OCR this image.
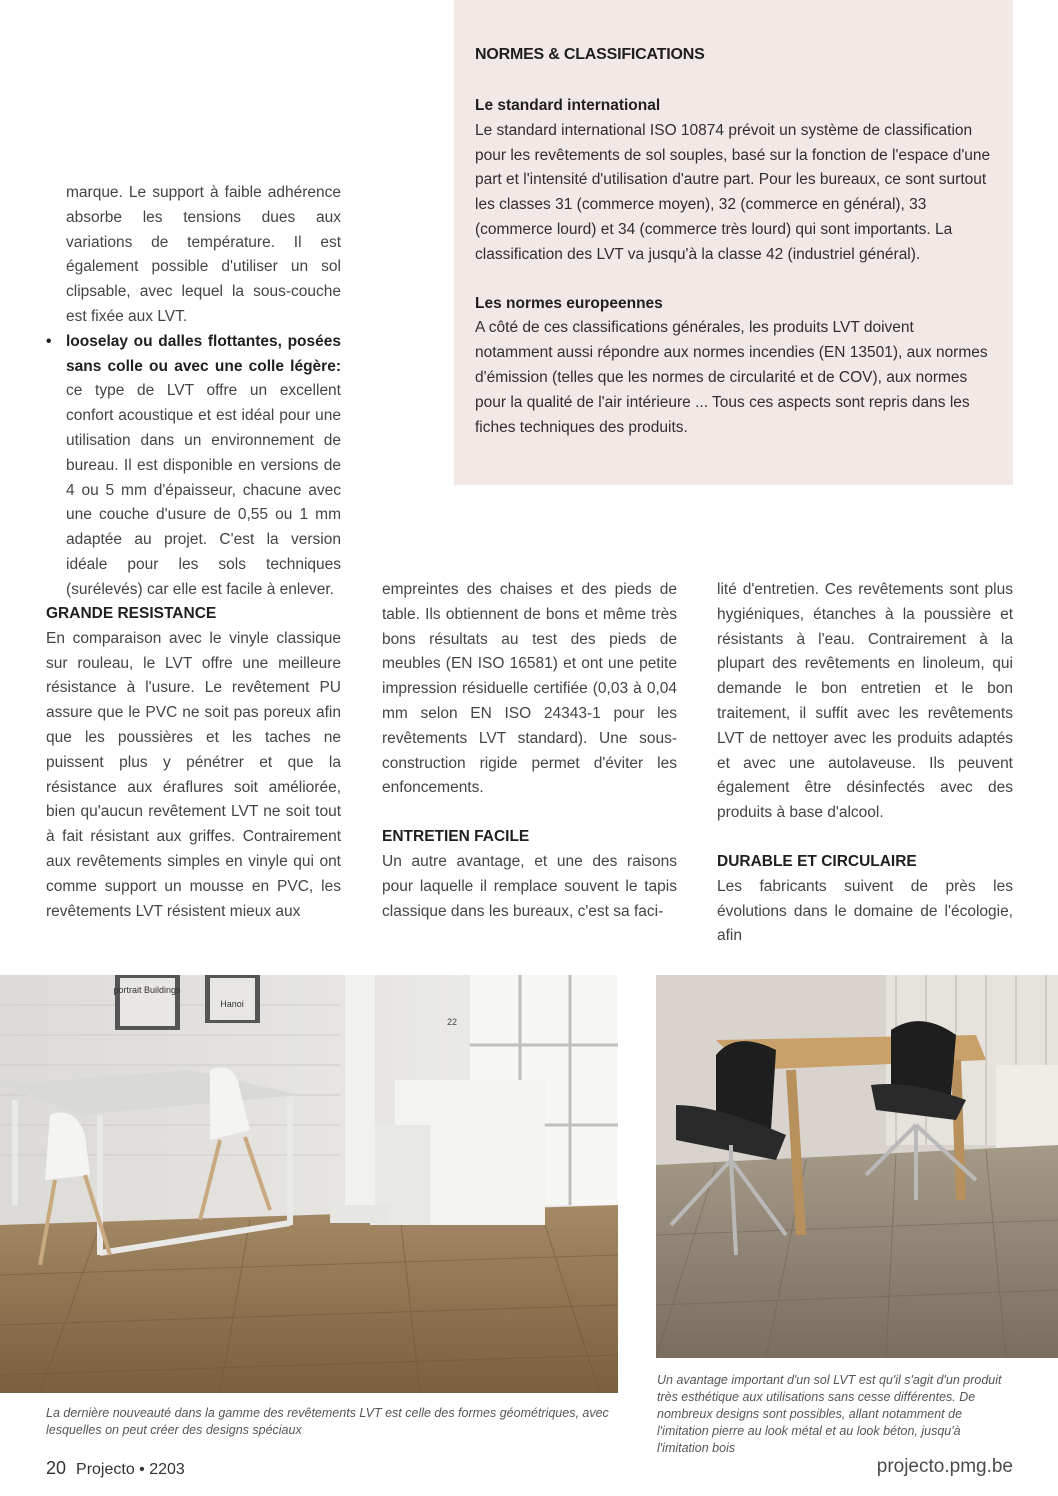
NORMES & CLASSIFICATIONS

Le standard international

Le standard international ISO 10874 prévoit un système de classification pour les revêtements de sol souples, basé sur la fonction de l'espace d'une part et l'intensité d'utilisation d'autre part. Pour les bureaux, ce sont surtout les classes 31 (commerce moyen), 32 (commerce en général), 33 (commerce lourd) et 34 (commerce très lourd) qui sont importants. La classification des LVT va jusqu'à la classe 42 (industriel général).

Les normes europeennes

A côté de ces classifications générales, les produits LVT doivent notamment aussi répondre aux normes incendies (EN 13501), aux normes d'émission (telles que les normes de circularité et de COV), aux normes pour la qualité de l'air intérieure ... Tous ces aspects sont repris dans les fiches techniques des produits.

marque. Le support à faible adhérence absorbe les tensions dues aux variations de température. Il est également possible d'utiliser un sol clipsable, avec lequel la sous-couche est fixée aux LVT.

• looselay ou dalles flottantes, posées sans colle ou avec une colle légère: ce type de LVT offre un excellent confort acoustique et est idéal pour une utilisation dans un environnement de bureau. Il est disponible en versions de 4 ou 5 mm d'épaisseur, chacune avec une couche d'usure de 0,55 ou 1 mm adaptée au projet. C'est la version idéale pour les sols techniques (surélevés) car elle est facile à enlever.

GRANDE RESISTANCE

En comparaison avec le vinyle classique sur rouleau, le LVT offre une meilleure résistance à l'usure. Le revêtement PU assure que le PVC ne soit pas poreux afin que les poussières et les taches ne puissent plus y pénétrer et que la résistance aux éraflures soit améliorée, bien qu'aucun revêtement LVT ne soit tout à fait résistant aux griffes. Contrairement aux revêtements simples en vinyle qui ont comme support un mousse en PVC, les revêtements LVT résistent mieux aux

empreintes des chaises et des pieds de table. Ils obtiennent de bons et même très bons résultats au test des pieds de meubles (EN ISO 16581) et ont une petite impression résiduelle certifiée (0,03 à 0,04 mm selon EN ISO 24343-1 pour les revêtements LVT standard). Une sous-construction rigide permet d'éviter les enfoncements.

ENTRETIEN FACILE

Un autre avantage, et une des raisons pour laquelle il remplace souvent le tapis classique dans les bureaux, c'est sa faci-

lité d'entretien. Ces revêtements sont plus hygiéniques, étanches à la poussière et résistants à l'eau. Contrairement à la plupart des revêtements en linoleum, qui demande le bon entretien et le bon traitement, il suffit avec les revêtements LVT de nettoyer avec les produits adaptés et avec une autolaveuse. Ils peuvent également être désinfectés avec des produits à base d'alcool.

DURABLE ET CIRCULAIRE

Les fabricants suivent de près les évolutions dans le domaine de l'écologie, afin

portrait Buildings
Hanoi
22

La dernière nouveauté dans la gamme des revêtements LVT est celle des formes géométriques, avec lesquelles on peut créer des designs spéciaux

Un avantage important d'un sol LVT est qu'il s'agit d'un produit très esthétique aux utilisations sans cesse différentes. De nombreux designs sont possibles, allant notamment de l'imitation pierre au look métal et au look béton, jusqu'à l'imitation bois

20 Projecto • 2203	projecto.pmg.be
